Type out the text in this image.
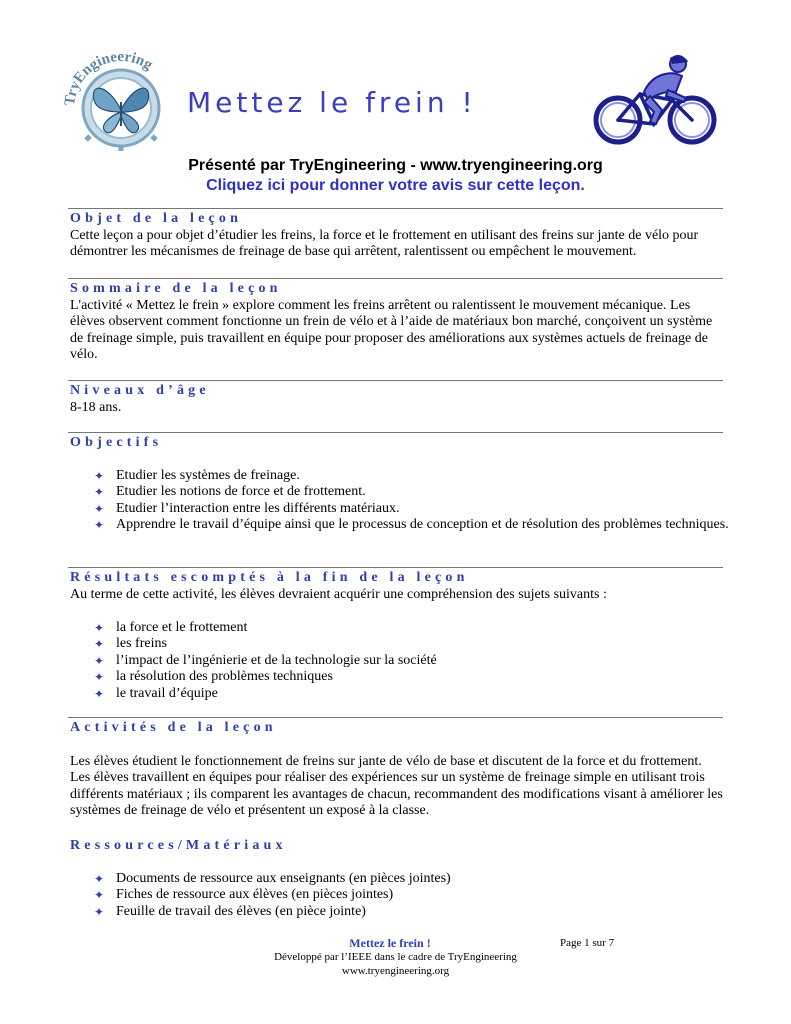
TryEngineering
Mettez le frein !
Présenté par TryEngineering - www.tryengineering.org
Cliquez ici pour donner votre avis sur cette leçon.
Objet de la leçon
Cette leçon a pour objet d’étudier les freins, la force et le frottement en utilisant des freins sur jante de vélo pour démontrer les mécanismes de freinage de base qui arrêtent, ralentissent ou empêchent le mouvement.
Sommaire de la leçon
L'activité « Mettez le frein » explore comment les freins arrêtent ou ralentissent le mouvement mécanique. Les élèves observent comment fonctionne un frein de vélo et à l’aide de matériaux bon marché, conçoivent un système de freinage simple, puis travaillent en équipe pour proposer des améliorations aux systèmes actuels de freinage de vélo.
Niveaux d’âge
8-18 ans.
Objectifs
✦ Etudier les systèmes de freinage.
✦ Etudier les notions de force et de frottement.
✦ Etudier l’interaction entre les différents matériaux.
✦ Apprendre le travail d’équipe ainsi que le processus de conception et de résolution des problèmes techniques.
Résultats escomptés à la fin de la leçon
Au terme de cette activité, les élèves devraient acquérir une compréhension des sujets suivants :
✦ la force et le frottement
✦ les freins
✦ l’impact de l’ingénierie et de la technologie sur la société
✦ la résolution des problèmes techniques
✦ le travail d’équipe
Activités de la leçon
Les élèves étudient le fonctionnement de freins sur jante de vélo de base et discutent de la force et du frottement. Les élèves travaillent en équipes pour réaliser des expériences sur un système de freinage simple en utilisant trois différents matériaux ; ils comparent les avantages de chacun, recommandent des modifications visant à améliorer les systèmes de freinage de vélo et présentent un exposé à la classe.
Ressources/Matériaux
✦ Documents de ressource aux enseignants (en pièces jointes)
✦ Fiches de ressource aux élèves (en pièces jointes)
✦ Feuille de travail des élèves (en pièce jointe)
Mettez le frein !	Page 1 sur 7
Développé par l’IEEE dans le cadre de TryEngineering
www.tryengineering.org
